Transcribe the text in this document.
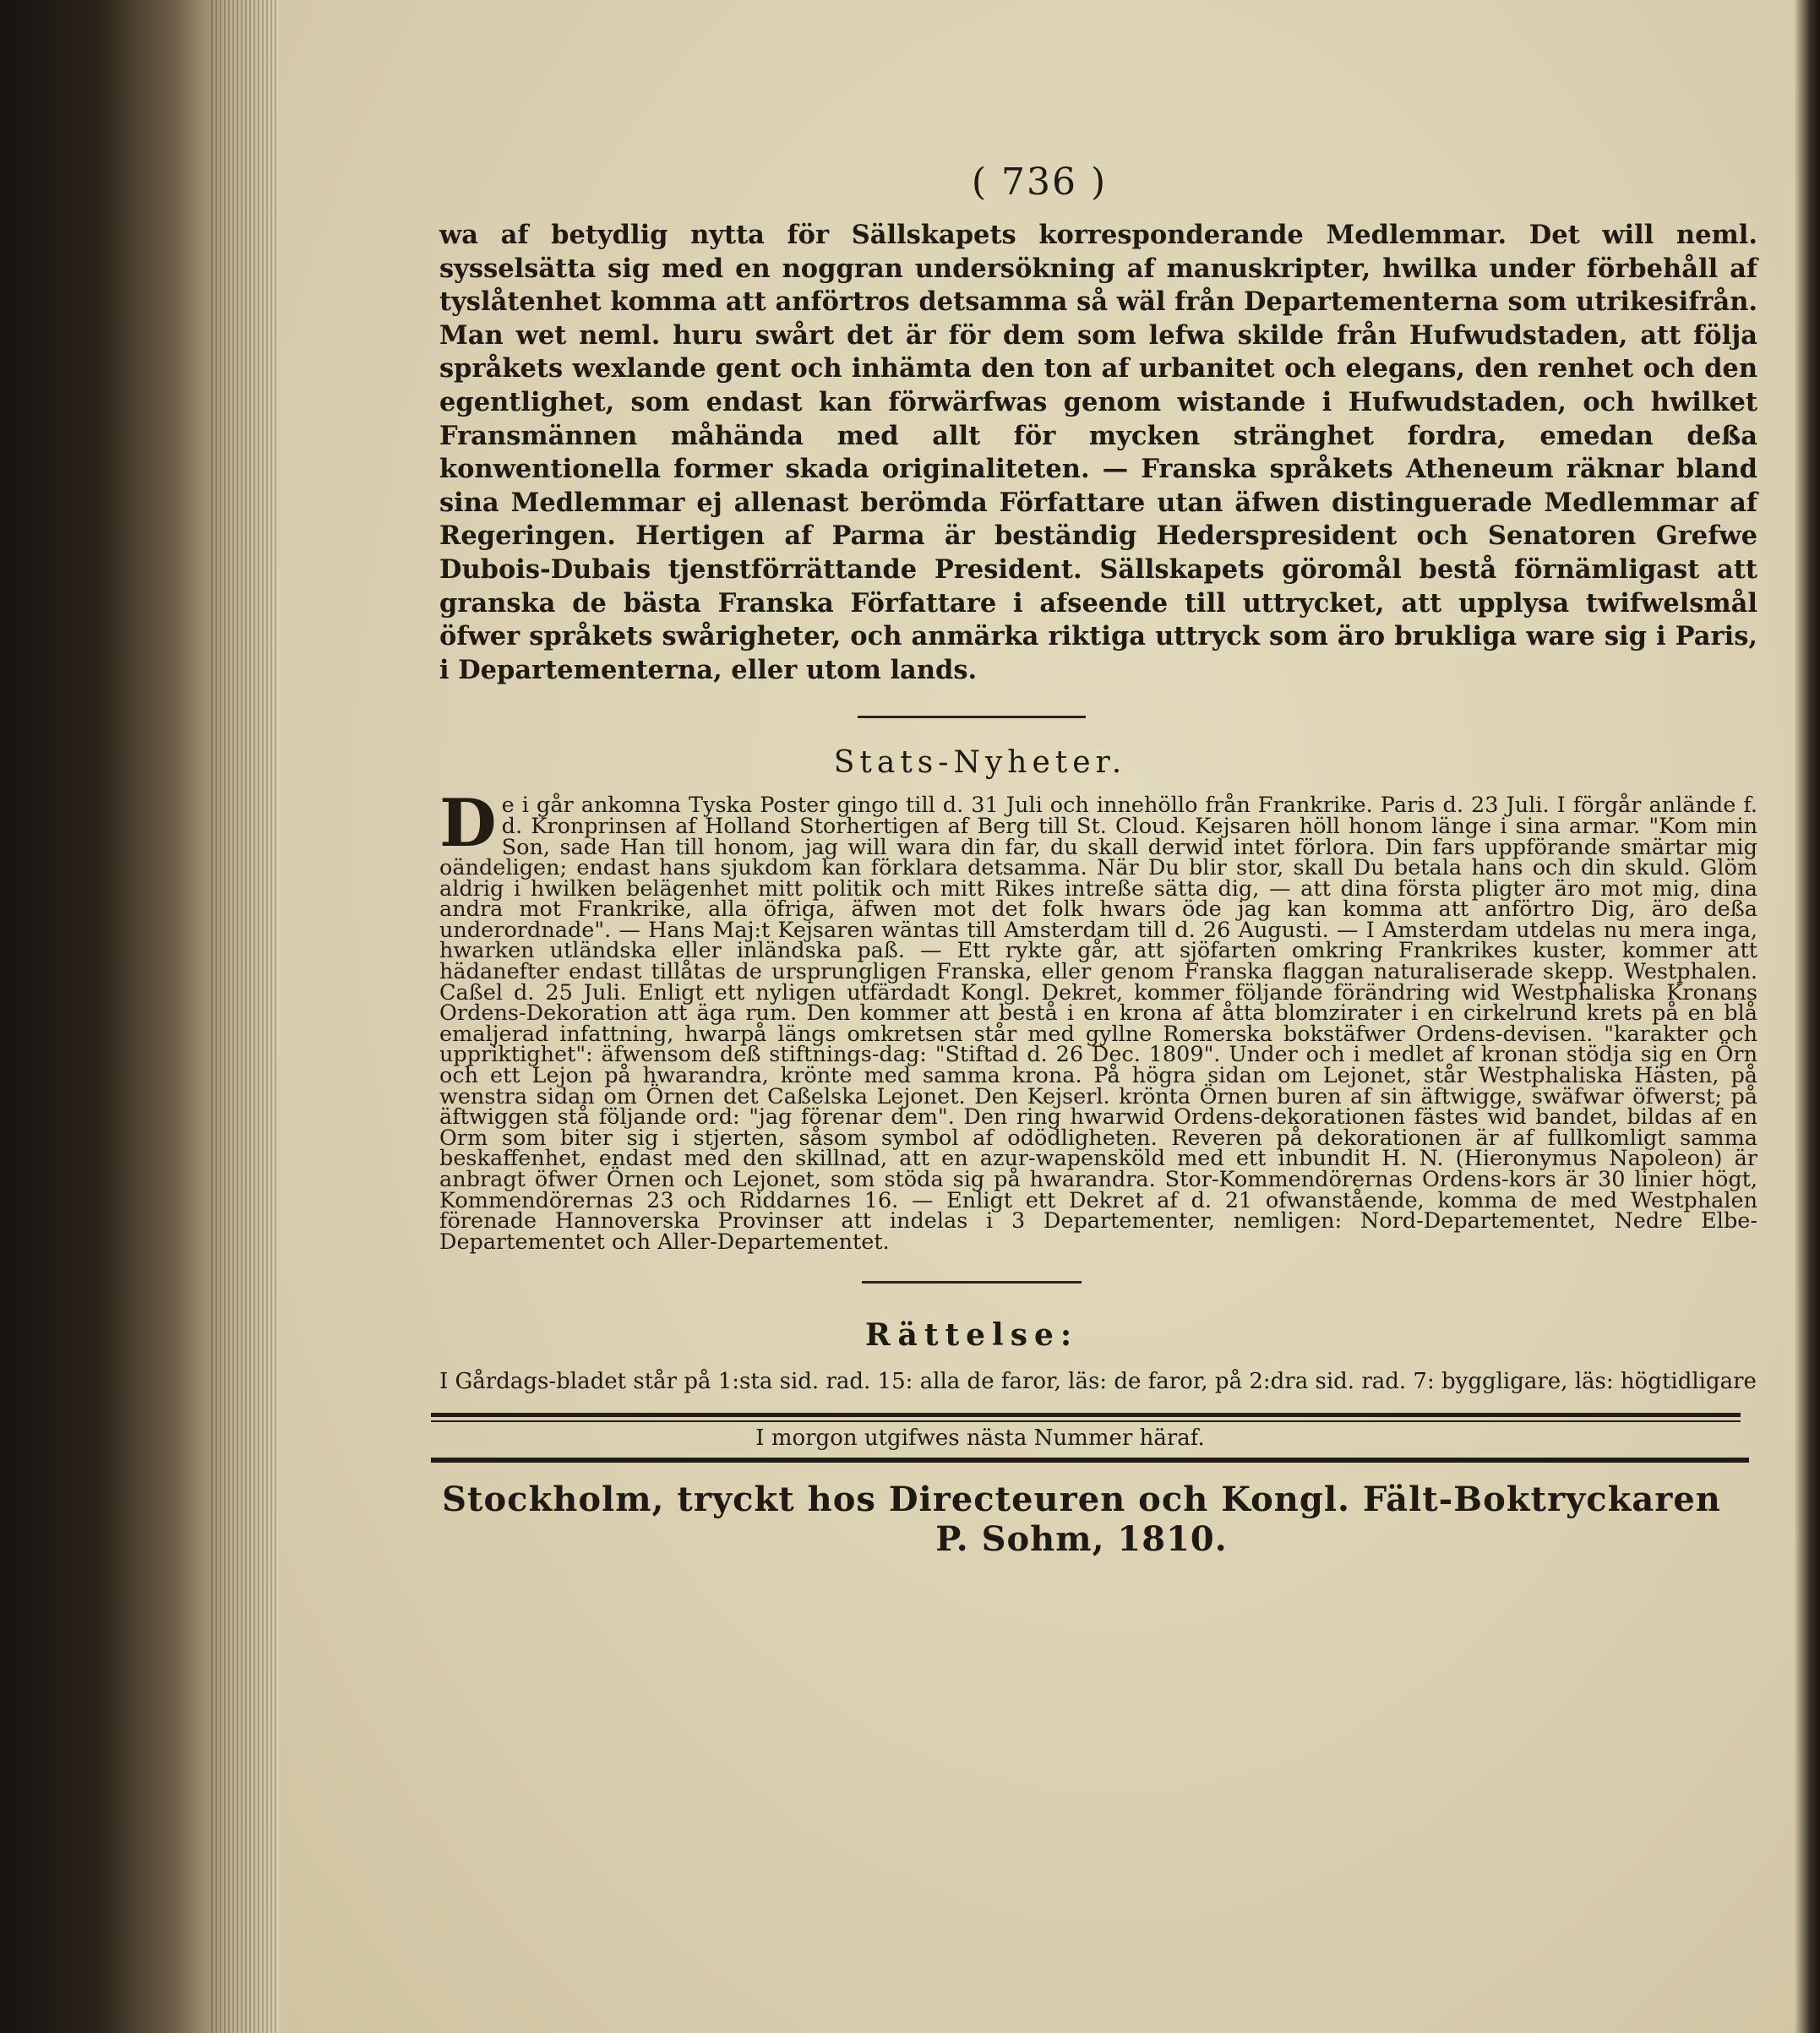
( 736 )

wa af betydlig nytta för Sällskapets korresponderande Medlemmar. Det will neml. sysselsätta sig med en noggran undersökning af manuskripter, hwilka under förbehåll af tyslåtenhet komma att anförtros detsamma så wäl från Departementerna som utrikesifrån. Man wet neml. huru swårt det är för dem som lefwa skilde från Hufwudstaden, att följa språkets wexlande gent och inhämta den ton af urbanitet och elegans, den renhet och den egentlighet, som endast kan förwärfwas genom wistande i Hufwudstaden, och hwilket Fransmännen måhända med allt för mycken stränghet fordra, emedan deßa konwentionella former skada originaliteten. — Franska språkets Atheneum räknar bland sina Medlemmar ej allenast berömda Författare utan äfwen distinguerade Medlemmar af Regeringen. Hertigen af Parma är beständig Hederspresident och Senatoren Grefwe Dubois-Dubais tjenstförrättande President. Sällskapets göromål bestå förnämligast att granska de bästa Franska Författare i afseende till uttrycket, att upplysa twifwelsmål öfwer språkets swårigheter, och anmärka riktiga uttryck som äro brukliga ware sig i Paris, i Departementerna, eller utom lands.

Stats-Nyheter.

De i går ankomna Tyska Poster gingo till d. 31 Juli och innehöllo från Frankrike. Paris d. 23 Juli. I förgår anlände f. d. Kronprinsen af Holland Storhertigen af Berg till St. Cloud. Kejsaren höll honom länge i sina armar. "Kom min Son, sade Han till honom, jag will wara din far, du skall derwid intet förlora. Din fars uppförande smärtar mig oändeligen; endast hans sjukdom kan förklara detsamma. När Du blir stor, skall Du betala hans och din skuld. Glöm aldrig i hwilken belägenhet mitt politik och mitt Rikes intreße sätta dig, — att dina första pligter äro mot mig, dina andra mot Frankrike, alla öfriga, äfwen mot det folk hwars öde jag kan komma att anförtro Dig, äro deßa underordnade". — Hans Maj:t Kejsaren wäntas till Amsterdam till d. 26 Augusti. — I Amsterdam utdelas nu mera inga, hwarken utländska eller inländska paß. — Ett rykte går, att sjöfarten omkring Frankrikes kuster, kommer att hädanefter endast tillåtas de ursprungligen Franska, eller genom Franska flaggan naturaliserade skepp. Westphalen. Caßel d. 25 Juli. Enligt ett nyligen utfärdadt Kongl. Dekret, kommer följande förändring wid Westphaliska Kronans Ordens-Dekoration att äga rum. Den kommer att bestå i en krona af åtta blomzirater i en cirkelrund krets på en blå emaljerad infattning, hwarpå längs omkretsen står med gyllne Romerska bokstäfwer Ordens-devisen. "karakter och uppriktighet": äfwensom deß stiftnings-dag: "Stiftad d. 26 Dec. 1809". Under och i medlet af kronan stödja sig en Örn och ett Lejon på hwarandra, krönte med samma krona. På högra sidan om Lejonet, står Westphaliska Hästen, på wenstra sidan om Örnen det Caßelska Lejonet. Den Kejserl. krönta Örnen buren af sin äftwigge, swäfwar öfwerst; på äftwiggen stå följande ord: "jag förenar dem". Den ring hwarwid Ordens-dekorationen fästes wid bandet, bildas af en Orm som biter sig i stjerten, såsom symbol af odödligheten. Reveren på dekorationen är af fullkomligt samma beskaffenhet, endast med den skillnad, att en azur-wapensköld med ett inbundit H. N. (Hieronymus Napoleon) är anbragt öfwer Örnen och Lejonet, som stöda sig på hwarandra. Stor-Kommendörernas Ordens-kors är 30 linier högt, Kommendörernas 23 och Riddarnes 16. — Enligt ett Dekret af d. 21 ofwanstående, komma de med Westphalen förenade Hannoverska Provinser att indelas i 3 Departementer, nemligen: Nord-Departementet, Nedre Elbe-Departementet och Aller-Departementet.

Rättelse:

I Gårdags-bladet står på 1:sta sid. rad. 15: alla de faror, läs: de faror, på 2:dra sid. rad. 7: byggligare, läs: högtidligare

I morgon utgifwes nästa Nummer häraf.
Stockholm, tryckt hos Directeuren och Kongl. Fält-Boktryckaren P. Sohm, 1810.
